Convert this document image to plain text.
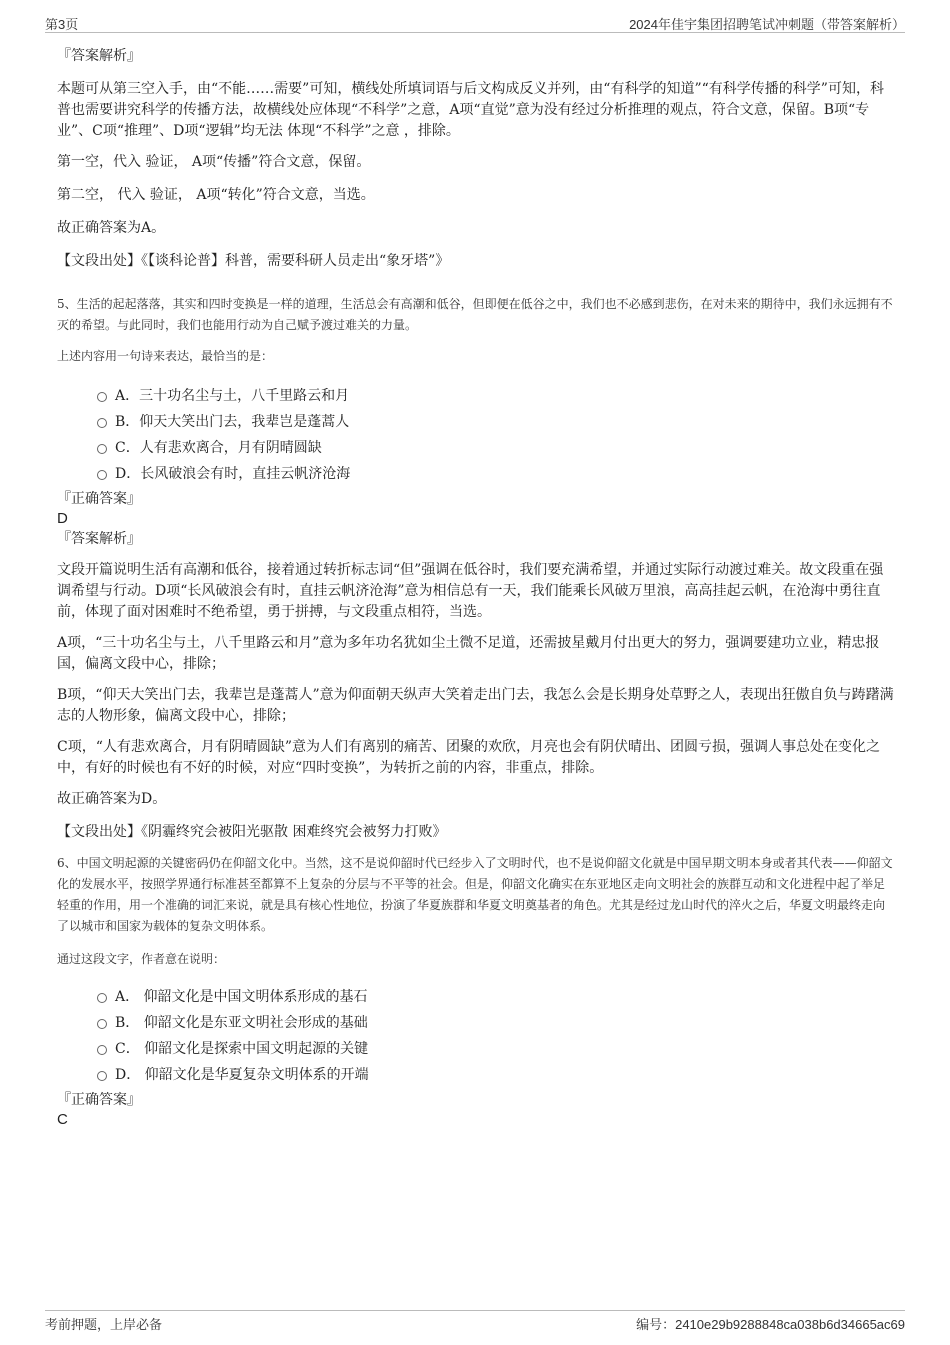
第3页	2024年佳宇集团招聘笔试冲刺题（带答案解析）

『答案解析』

本题可从第三空入手，由“不能……需要”可知，横线处所填词语与后文构成反义并列，由“有科学的知道”“有科学传播的科学”可知，科普也需要讲究科学的传播方法，故横线处应体现“不科学”之意，A项“直觉”意为没有经过分析推理的观点，符合文意，保留。B项“专业”、C项“推理”、D项“逻辑”均无法 体现“不科学”之意 ，排除。

第一空，代入 验证， A项“传播”符合文意，保留。

第二空， 代入 验证， A项“转化”符合文意，当选。

故正确答案为A。

【文段出处】《【谈科论普】科普，需要科研人员走出“象牙塔”》

5、生活的起起落落，其实和四时变换是一样的道理，生活总会有高潮和低谷，但即便在低谷之中，我们也不必感到悲伤，在对未来的期待中，我们永远拥有不灭的希望。与此同时，我们也能用行动为自己赋予渡过难关的力量。

上述内容用一句诗来表达，最恰当的是：

A．三十功名尘与土，八千里路云和月
B．仰天大笑出门去，我辈岂是蓬蒿人
C．人有悲欢离合，月有阴晴圆缺
D．长风破浪会有时，直挂云帆济沧海

『正确答案』

D

『答案解析』

文段开篇说明生活有高潮和低谷，接着通过转折标志词“但”强调在低谷时，我们要充满希望，并通过实际行动渡过难关。故文段重在强调希望与行动。D项“长风破浪会有时，直挂云帆济沧海”意为相信总有一天，我们能乘长风破万里浪，高高挂起云帆，在沧海中勇往直前，体现了面对困难时不绝希望，勇于拼搏，与文段重点相符，当选。

A项，“三十功名尘与土，八千里路云和月”意为多年功名犹如尘土微不足道，还需披星戴月付出更大的努力，强调要建功立业，精忠报国，偏离文段中心，排除；

B项，“仰天大笑出门去，我辈岂是蓬蒿人”意为仰面朝天纵声大笑着走出门去，我怎么会是长期身处草野之人，表现出狂傲自负与踌躇满志的人物形象，偏离文段中心，排除；

C项，“人有悲欢离合，月有阴晴圆缺”意为人们有离别的痛苦、团聚的欢欣，月亮也会有阴伏晴出、团圆亏损，强调人事总处在变化之中，有好的时候也有不好的时候，对应“四时变换”，为转折之前的内容，非重点，排除。

故正确答案为D。

【文段出处】《阴霾终究会被阳光驱散 困难终究会被努力打败》

6、中国文明起源的关键密码仍在仰韶文化中。当然，这不是说仰韶时代已经步入了文明时代，也不是说仰韶文化就是中国早期文明本身或者其代表——仰韶文化的发展水平，按照学界通行标准甚至都算不上复杂的分层与不平等的社会。但是，仰韶文化确实在东亚地区走向文明社会的族群互动和文化进程中起了举足轻重的作用，用一个准确的词汇来说，就是具有核心性地位，扮演了华夏族群和华夏文明奠基者的角色。尤其是经过龙山时代的淬火之后，华夏文明最终走向了以城市和国家为载体的复杂文明体系。

通过这段文字，作者意在说明：

A． 仰韶文化是中国文明体系形成的基石
B． 仰韶文化是东亚文明社会形成的基础
C． 仰韶文化是探索中国文明起源的关键
D． 仰韶文化是华夏复杂文明体系的开端

『正确答案』

C

考前押题，上岸必备	编号：2410e29b9288848ca038b6d34665ac69
